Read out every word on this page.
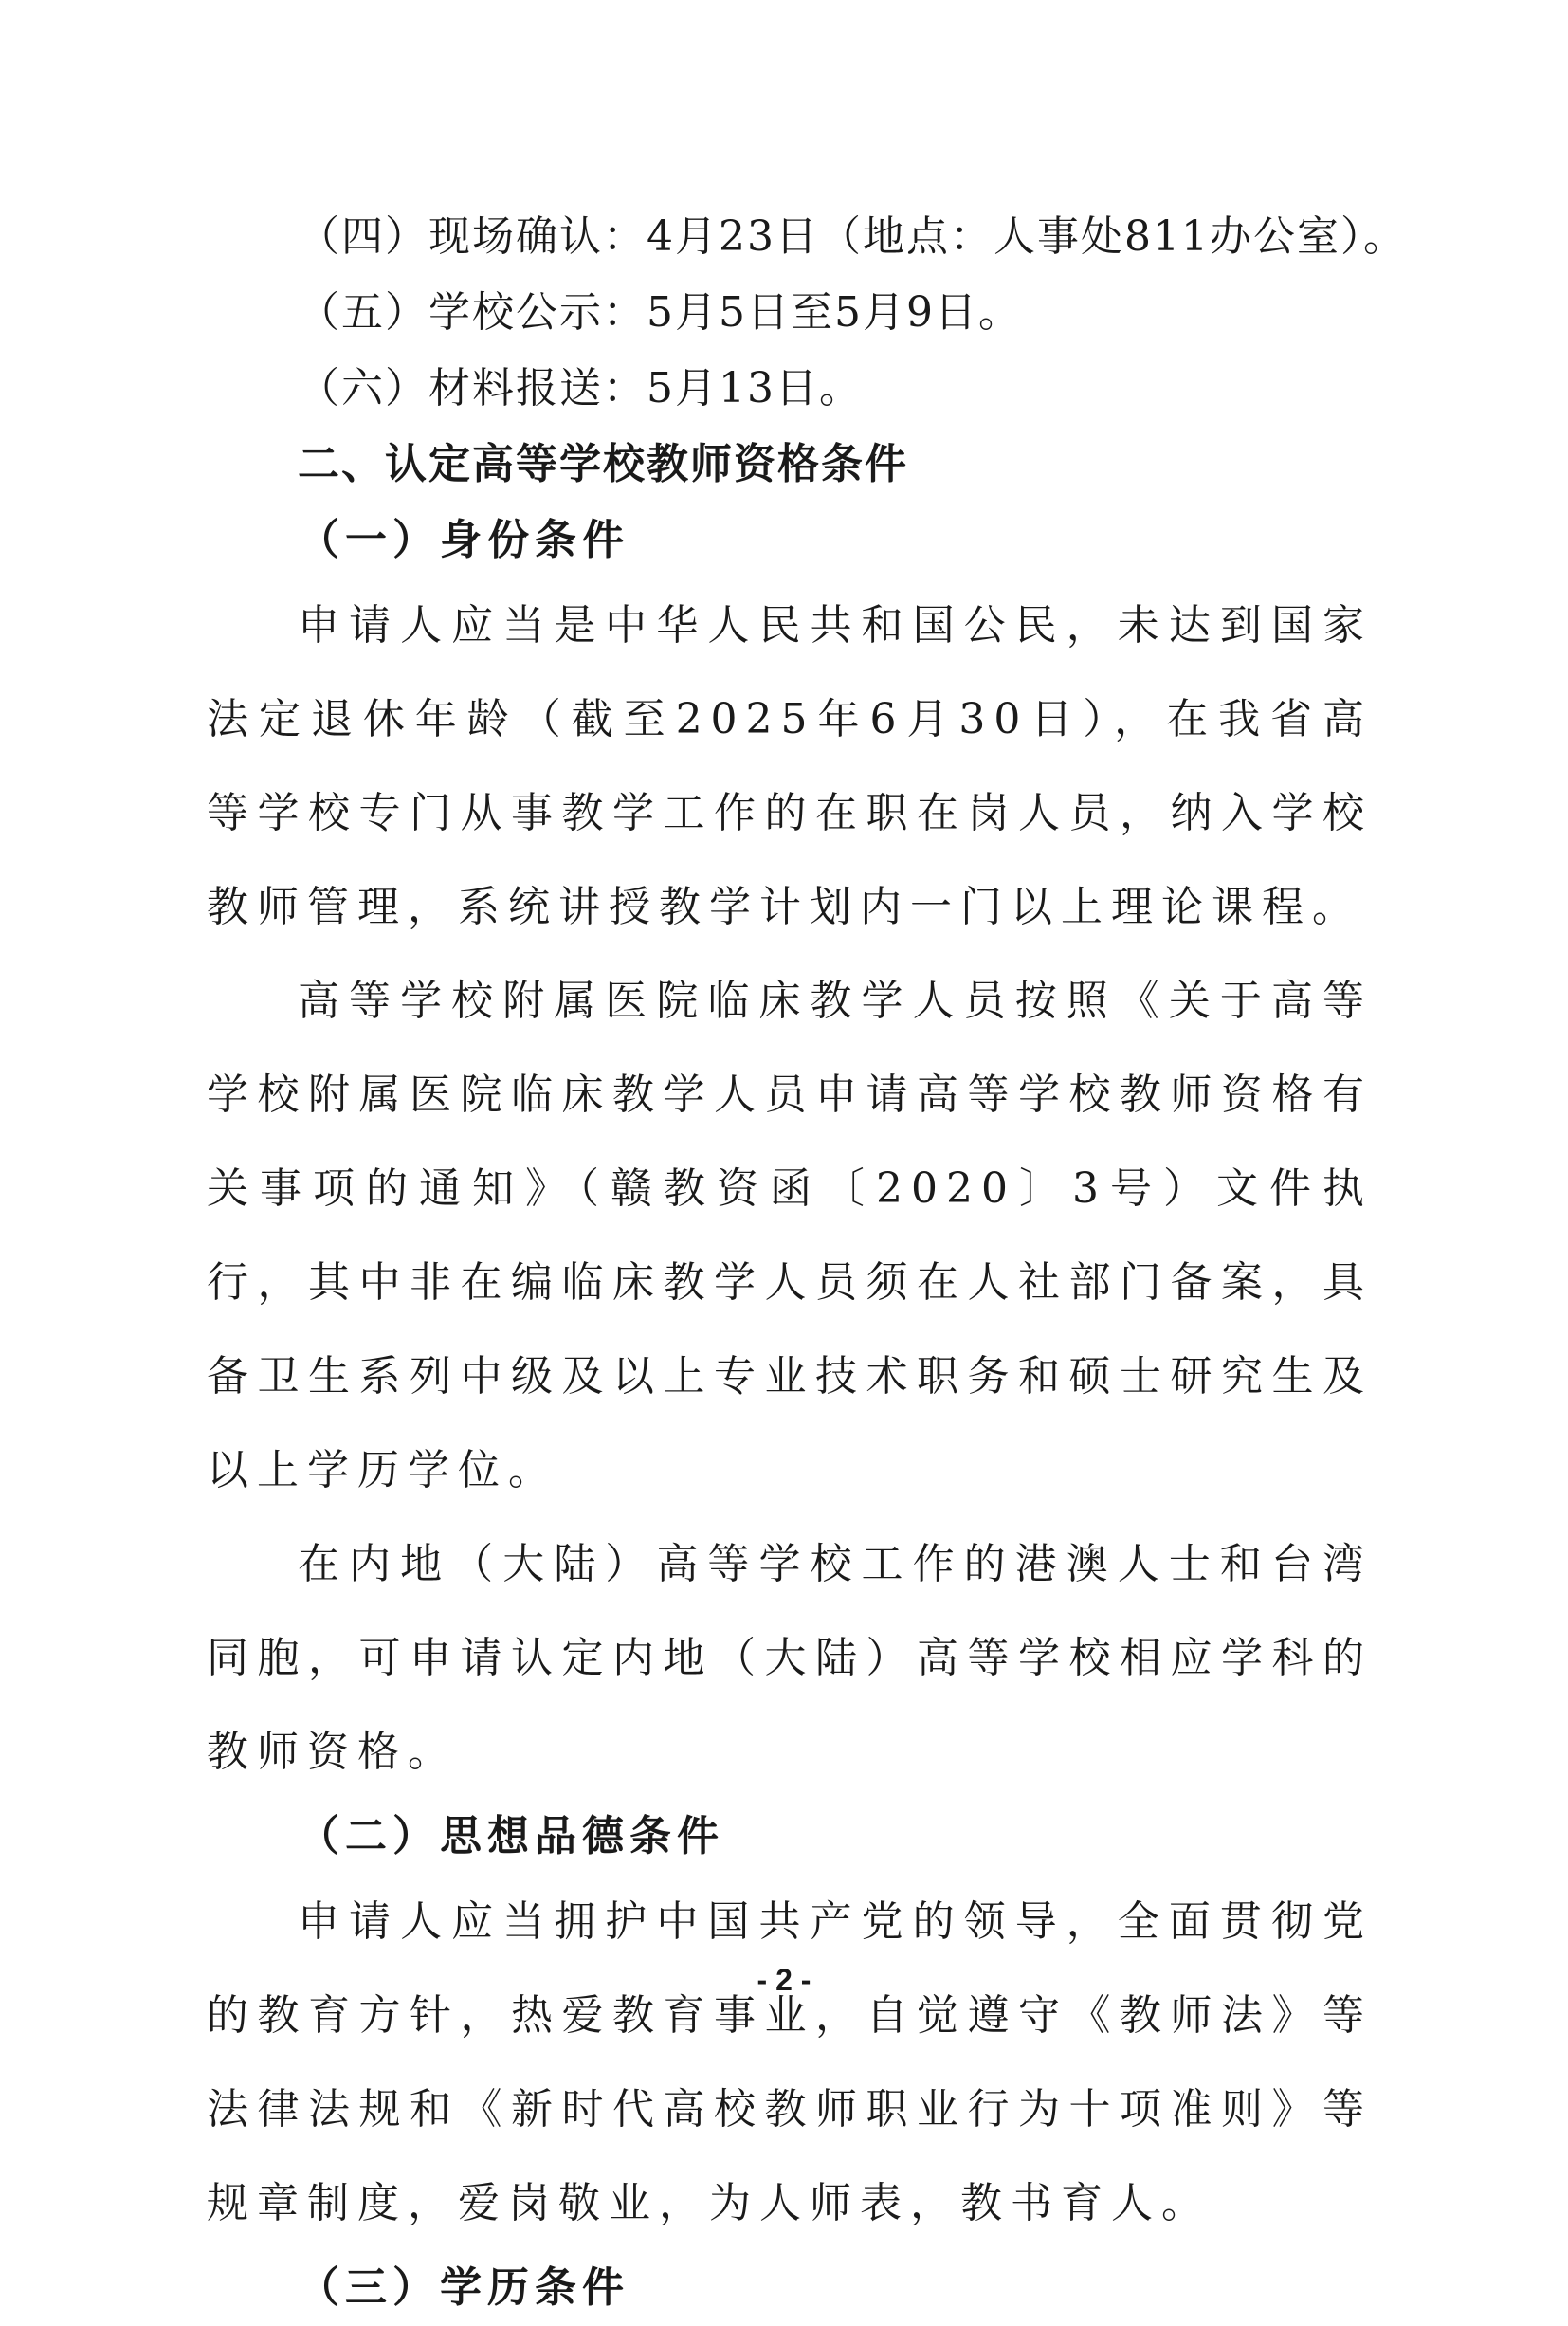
（四）现场确认：4月23日（地点：人事处811办公室）。
（五）学校公示：5月5日至5月9日。
（六）材料报送：5月13日。
二、认定高等学校教师资格条件
（一）身份条件

申请人应当是中华人民共和国公民，未达到国家法定退休年龄（截至2025年6月30日），在我省高等学校专门从事教学工作的在职在岗人员，纳入学校教师管理，系统讲授教学计划内一门以上理论课程。

高等学校附属医院临床教学人员按照《关于高等学校附属医院临床教学人员申请高等学校教师资格有关事项的通知》（赣教资函〔2020〕3号）文件执行，其中非在编临床教学人员须在人社部门备案，具备卫生系列中级及以上专业技术职务和硕士研究生及以上学历学位。

在内地（大陆）高等学校工作的港澳人士和台湾同胞，可申请认定内地（大陆）高等学校相应学科的教师资格。

（二）思想品德条件

申请人应当拥护中国共产党的领导，全面贯彻党的教育方针，热爱教育事业，自觉遵守《教师法》等法律法规和《新时代高校教师职业行为十项准则》等规章制度，爱岗敬业，为人师表，教书育人。

（三）学历条件
- 2 -
